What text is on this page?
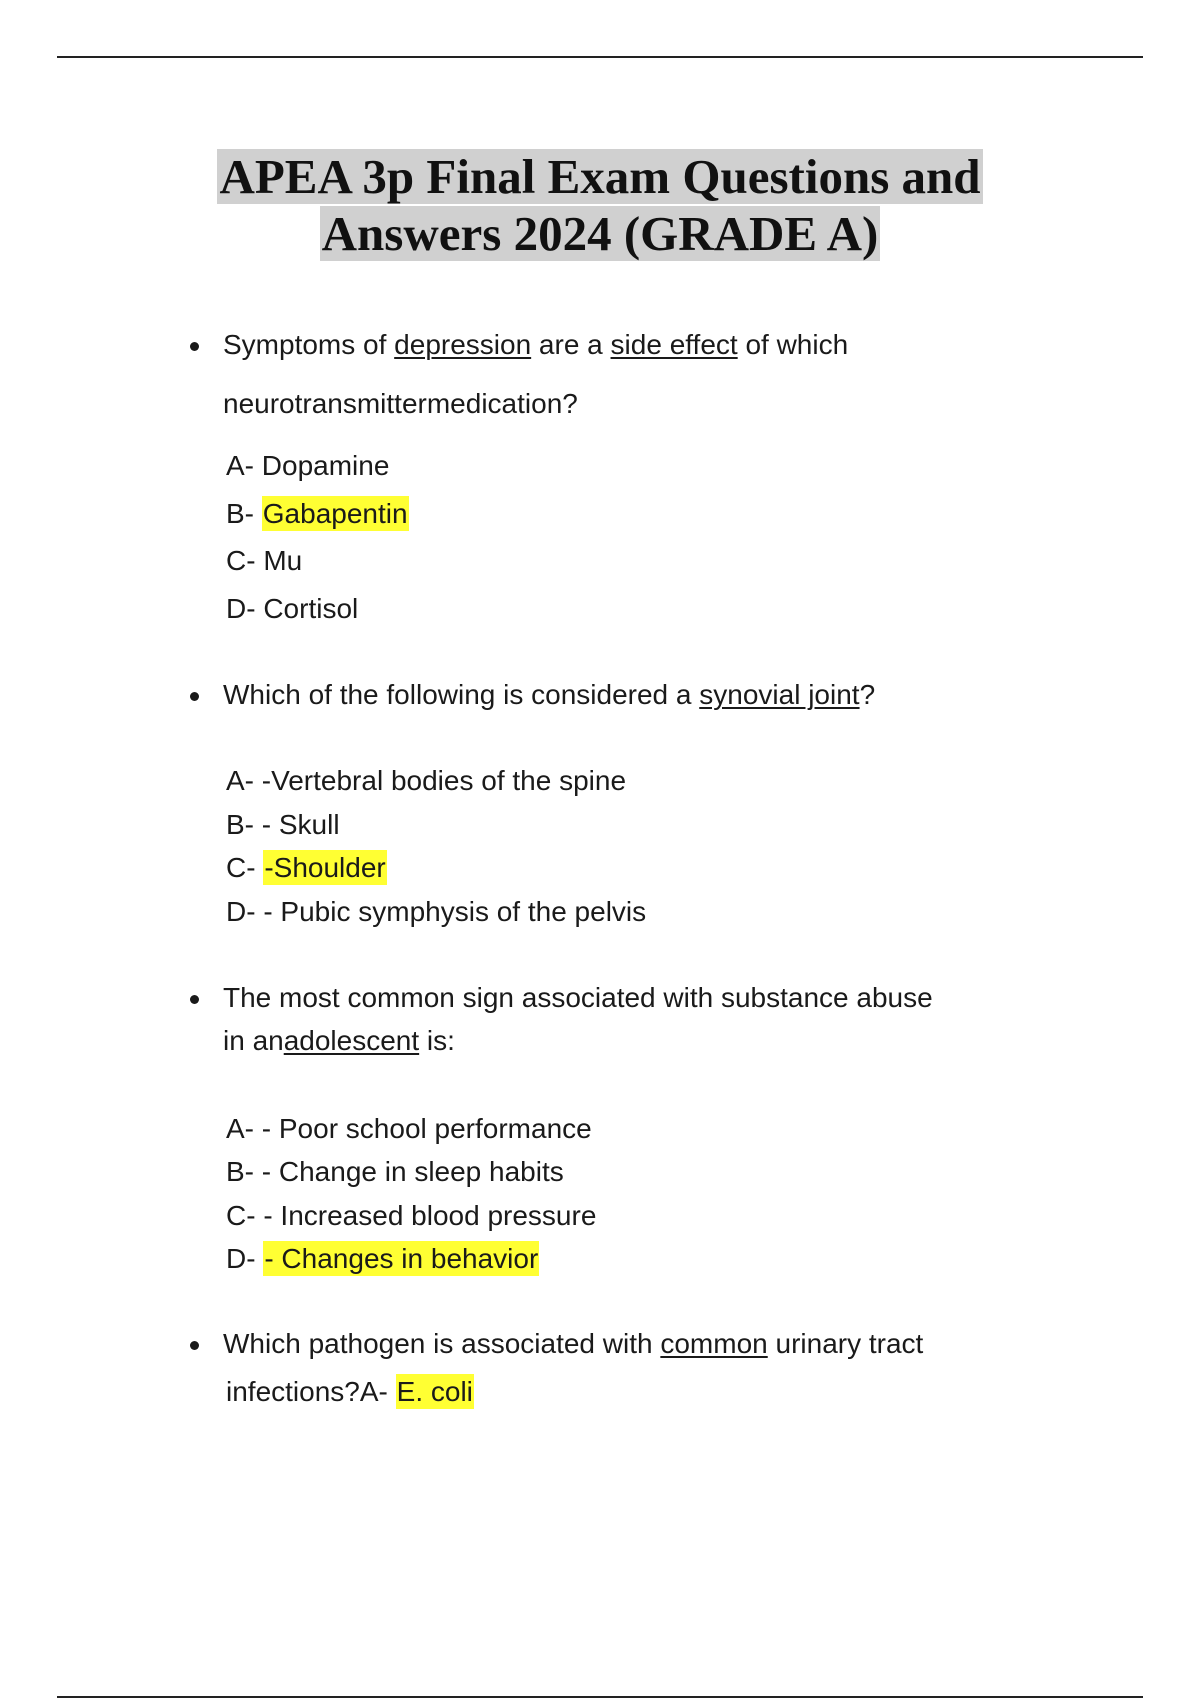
APEA 3p Final Exam Questions and
Answers 2024 (GRADE A)
Symptoms of depression are a side effect of which
neurotransmittermedication?
A- Dopamine
B- Gabapentin
C- Mu
D- Cortisol
Which of the following is considered a synovial joint?
A- -Vertebral bodies of the spine
B- - Skull
C- -Shoulder
D- - Pubic symphysis of the pelvis
The most common sign associated with substance abuse
in anadolescent is:
A- - Poor school performance
B- - Change in sleep habits
C- - Increased blood pressure
D- - Changes in behavior
Which pathogen is associated with common urinary tract
infections?A- E. coli
